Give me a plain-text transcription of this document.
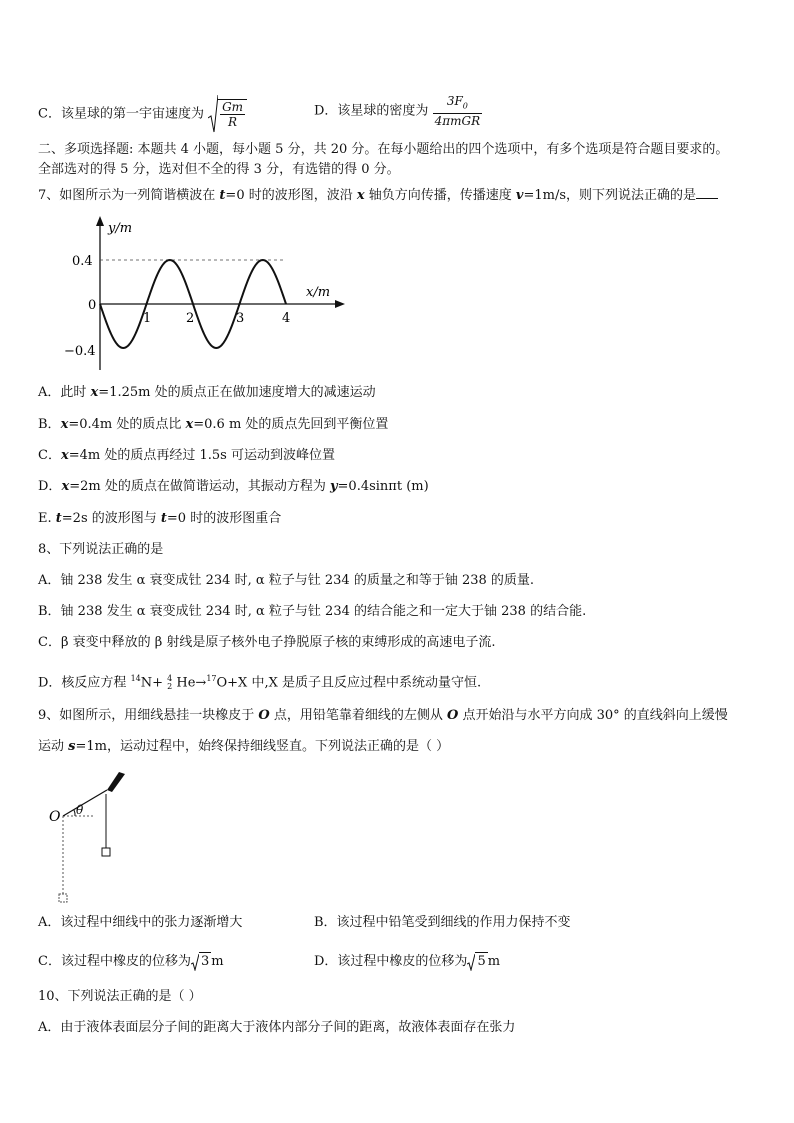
C．该星球的第一宇宙速度为 $\frac{Gm}{R}$	D．该星球的密度为 $\frac{3F_0}{\text{4πmGR}}$
二、多项选择题: 本题共 4 小题，每小题 5 分，共 20 分。在每小题给出的四个选项中，有多个选项是符合题目要求的。
全部选对的得 5 分，选对但不全的得 3 分，有选错的得 0 分。
7、如图所示为一列简谐横波在 t=0 时的波形图，波沿 x 轴负方向传播，传播速度 v=1m/s，则下列说法正确的是
y/m
x/m
0.4
0
−0.4
1	2	3	4
A．此时 x=1.25m 处的质点正在做加速度增大的减速运动
B．x=0.4m 处的质点比 x=0.6 m 处的质点先回到平衡位置
C．x=4m 处的质点再经过 1.5s 可运动到波峰位置
D．x=2m 处的质点在做简谐运动，其振动方程为 y=0.4sinπt (m)
E. t=2s 的波形图与 t=0 时的波形图重合
8、下列说法正确的是
A．铀 238 发生 α 衰变成钍 234 时, α 粒子与钍 234 的质量之和等于铀 238 的质量.
B．铀 238 发生 α 衰变成钍 234 时, α 粒子与钍 234 的结合能之和一定大于铀 238 的结合能.
C．β 衰变中释放的 β 射线是原子核外电子挣脱原子核的束缚形成的高速电子流.
D．核反应方程 $^{14}$N+ 4
2 He→$^{17}$O+X 中,X 是质子且反应过程中系统动量守恒.
9、如图所示，用细线悬挂一块橡皮于 O 点，用铅笔靠着细线的左侧从 O 点开始沿与水平方向成 30° 的直线斜向上缓慢
运动 s=1m，运动过程中，始终保持细线竖直。下列说法正确的是（ ）
θ
O
A．该过程中细线中的张力逐渐增大	B．该过程中铅笔受到细线的作用力保持不变
C．该过程中橡皮的位移为 3 m	D．该过程中橡皮的位移为 5 m
10、下列说法正确的是（ ）
A．由于液体表面层分子间的距离大于液体内部分子间的距离，故液体表面存在张力
